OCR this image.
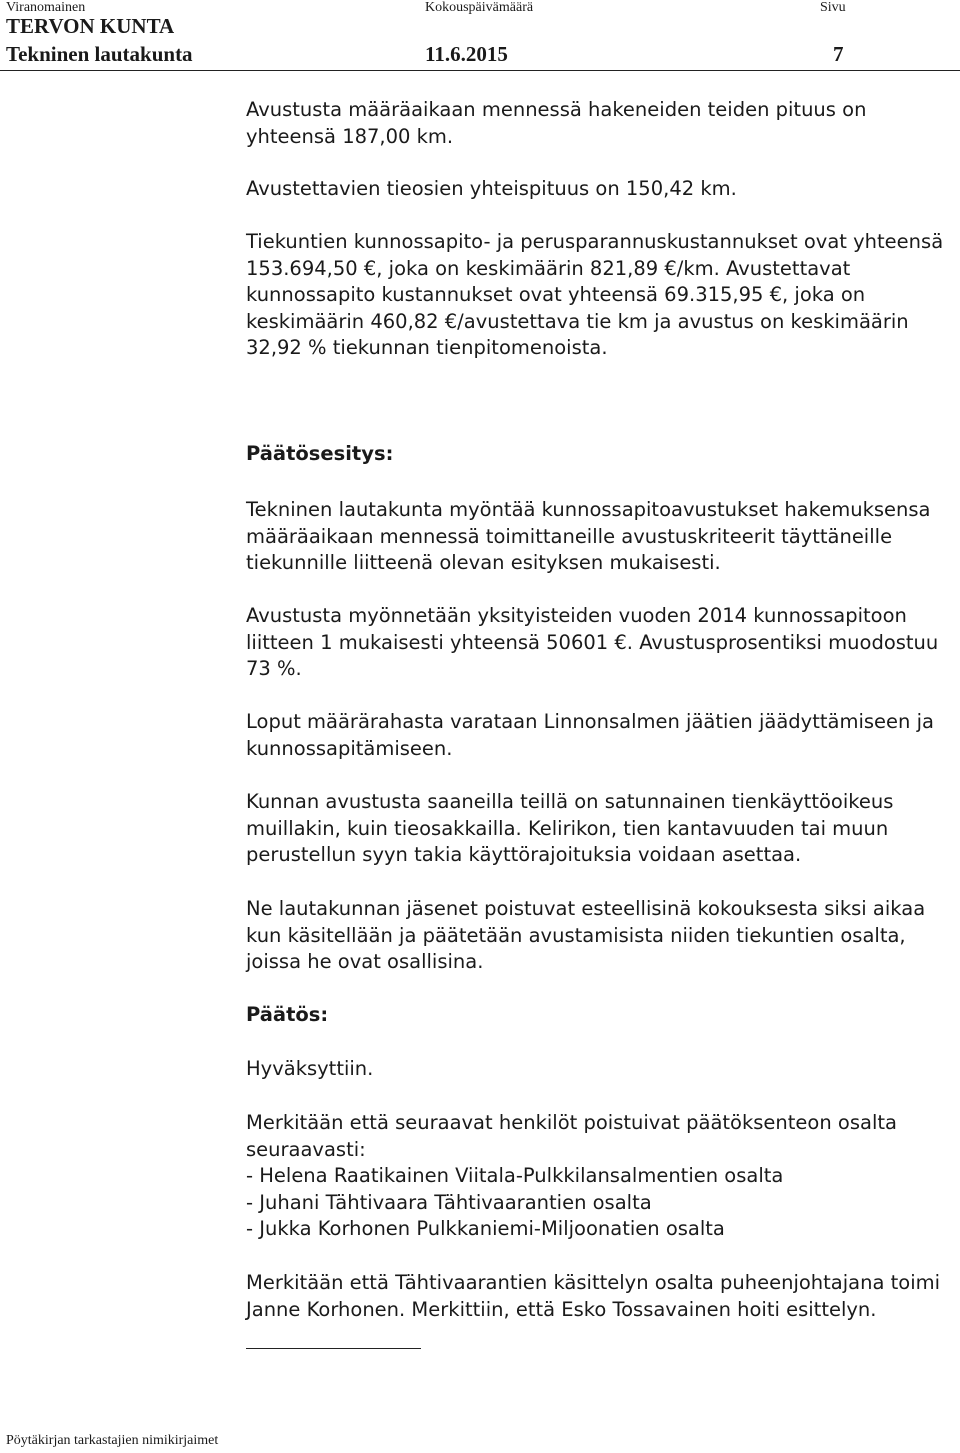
Viranomainen	Kokouspäivämäärä	Sivu
TERVON KUNTA
Tekninen lautakunta	11.6.2015	7

Avustusta määräaikaan mennessä hakeneiden teiden pituus on yhteensä 187,00 km.

Avustettavien tieosien yhteispituus on 150,42 km.

Tiekuntien kunnossapito- ja perusparannuskustannukset ovat yhteensä 153.694,50 €, joka on keskimäärin 821,89 €/km. Avustettavat kunnossapito kustannukset ovat yhteensä 69.315,95 €, joka on keskimäärin 460,82 €/avustettava tie km ja avustus on keskimäärin 32,92 % tiekunnan tienpitomenoista.

Päätösesitys:

Tekninen lautakunta myöntää kunnossapitoavustukset hakemuksensa määräaikaan mennessä toimittaneille avustuskriteerit täyttäneille tiekunnille liitteenä olevan esityksen mukaisesti.

Avustusta myönnetään yksityisteiden vuoden 2014 kunnossapitoon liitteen 1 mukaisesti yhteensä 50601 €. Avustusprosentiksi muodostuu 73 %.

Loput määrärahasta varataan Linnonsalmen jäätien jäädyttämiseen ja kunnossapitämiseen.

Kunnan avustusta saaneilla teillä on satunnainen tienkäyttöoikeus muillakin, kuin tieosakkailla. Kelirikon, tien kantavuuden tai muun perustellun syyn takia käyttörajoituksia voidaan asettaa.

Ne lautakunnan jäsenet poistuvat esteellisinä kokouksesta siksi aikaa kun käsitellään ja päätetään avustamisista niiden tiekuntien osalta, joissa he ovat osallisina.

Päätös:

Hyväksyttiin.

Merkitään että seuraavat henkilöt poistuivat päätöksenteon osalta seuraavasti:

- Helena Raatikainen Viitala-Pulkkilansalmentien osalta

- Juhani Tähtivaara Tähtivaarantien osalta

- Jukka Korhonen Pulkkaniemi-Miljoonatien osalta

Merkitään että Tähtivaarantien käsittelyn osalta puheenjohtajana toimi Janne Korhonen. Merkittiin, että Esko Tossavainen hoiti esittelyn.

Pöytäkirjan tarkastajien nimikirjaimet
